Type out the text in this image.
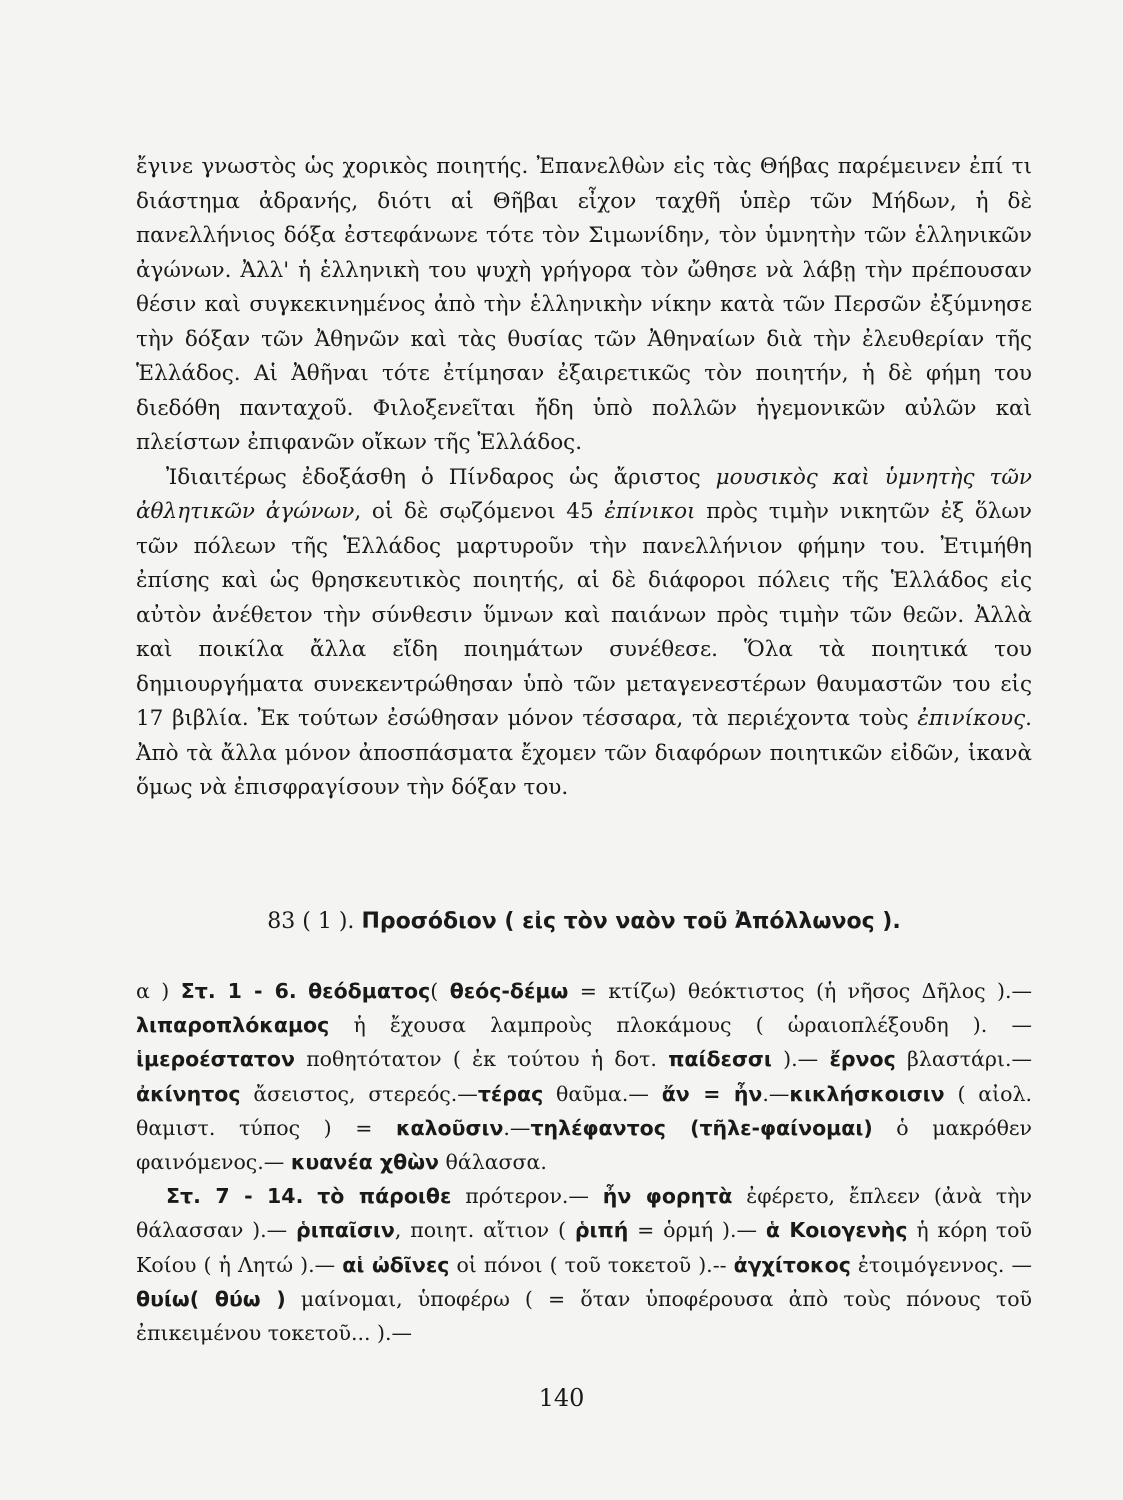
ἔγινε γνωστὸς ὡς χορικὸς ποιητής. Ἐπανελθὼν εἰς τὰς Θήβας παρέμεινεν ἐπί τι διάστημα ἀδρανής, διότι αἱ Θῆβαι εἶχον ταχθῆ ὑπὲρ τῶν Μήδων, ἡ δὲ πανελλήνιος δόξα ἐστεφάνωνε τότε τὸν Σιμωνίδην, τὸν ὑμνητὴν τῶν ἑλληνικῶν ἀγώνων. Ἀλλ' ἡ ἑλληνικὴ του ψυχὴ γρήγορα τὸν ὤθησε νὰ λάβῃ τὴν πρέπουσαν θέσιν καὶ συγκεκινημένος ἀπὸ τὴν ἑλληνικὴν νίκην κατὰ τῶν Περσῶν ἐξύμνησε τὴν δόξαν τῶν Ἀθηνῶν καὶ τὰς θυσίας τῶν Ἀθηναίων διὰ τὴν ἐλευθερίαν τῆς Ἑλλάδος. Αἱ Ἀθῆναι τότε ἐτίμησαν ἐξαιρετικῶς τὸν ποιητήν, ἡ δὲ φήμη του διεδόθη πανταχοῦ. Φιλοξενεῖται ἤδη ὑπὸ πολλῶν ἡγεμονικῶν αὐλῶν καὶ πλείστων ἐπιφανῶν οἴκων τῆς Ἑλλάδος.

Ἰδιαιτέρως ἐδοξάσθη ὁ Πίνδαρος ὡς ἄριστος μουσικὸς καὶ ὑμνητὴς τῶν ἀθλητικῶν ἀγώνων, οἱ δὲ σῳζόμενοι 45 ἐπίνικοι πρὸς τιμὴν νικητῶν ἐξ ὅλων τῶν πόλεων τῆς Ἑλλάδος μαρτυροῦν τὴν πανελλήνιον φήμην του. Ἐτιμήθη ἐπίσης καὶ ὡς θρησκευτικὸς ποιητής, αἱ δὲ διάφοροι πόλεις τῆς Ἑλλάδος εἰς αὐτὸν ἀνέθετον τὴν σύνθεσιν ὕμνων καὶ παιάνων πρὸς τιμὴν τῶν θεῶν. Ἀλλὰ καὶ ποικίλα ἄλλα εἴδη ποιημάτων συνέθεσε. Ὅλα τὰ ποιητικά του δημιουργήματα συνεκεντρώθησαν ὑπὸ τῶν μεταγενεστέρων θαυμαστῶν του εἰς 17 βιβλία. Ἐκ τούτων ἐσώθησαν μόνον τέσσαρα, τὰ περιέχοντα τοὺς ἐπινίκους. Ἀπὸ τὰ ἄλλα μόνον ἀποσπάσματα ἔχομεν τῶν διαφόρων ποιητικῶν εἰδῶν, ἱκανὰ ὅμως νὰ ἐπισφραγίσουν τὴν δόξαν του.

83 ( 1 ). Προσόδιον ( εἰς τὸν ναὸν τοῦ Ἀπόλλωνος ).

α ) Στ. 1 - 6. θεόδματος( θεός-δέμω = κτίζω) θεόκτιστος (ἡ νῆσος Δῆλος ).— λιπαροπλόκαμος ἡ ἔχουσα λαμπροὺς πλοκάμους ( ὡραιοπλέξουδη ). —ἱμεροέστατον ποθητότατον ( ἐκ τούτου ἡ δοτ. παίδεσσι ).— ἔρνος βλαστάρι.—ἀκίνητος ἄσειστος, στερεός.—τέρας θαῦμα.— ἄν = ἦν.—κικλήσκοισιν ( αἰολ. θαμιστ. τύπος ) = καλοῦσιν.—τηλέφαντος (τῆλε-φαίνομαι) ὁ μακρόθεν φαινόμενος.— κυανέα χθὼν θάλασσα.

Στ. 7 - 14. τὸ πάροιθε πρότερον.— ἦν φορητὰ ἐφέρετο, ἔπλεεν (ἀνὰ τὴν θάλασσαν ).— ῥιπαῖσιν, ποιητ. αἴτιον ( ῥιπή = ὁρμή ).— ἁ Κοιογενὴς ἡ κόρη τοῦ Κοίου ( ἡ Λητώ ).— αἱ ὠδῖνες οἱ πόνοι ( τοῦ τοκετοῦ ).-- ἀγχίτοκος ἐτοιμόγεννος. — θυίω( θύω ) μαίνομαι, ὑποφέρω ( = ὅταν ὑποφέρουσα ἀπὸ τοὺς πόνους τοῦ ἐπικειμένου τοκετοῦ... ).—

140
